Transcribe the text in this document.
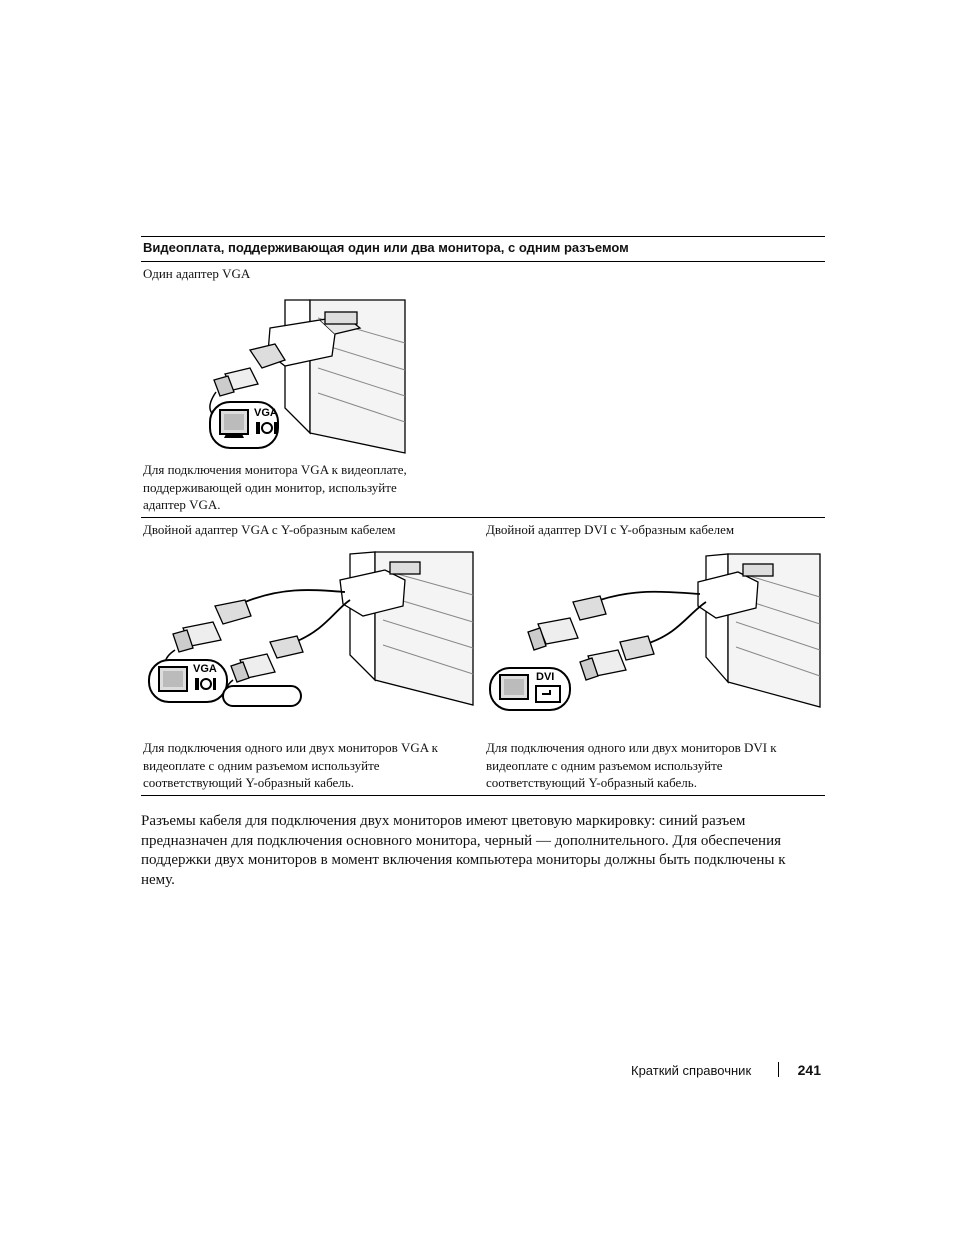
Видеоплата, поддерживающая один или два монитора, с одним разъемом
Один адаптер VGA
VGA
Для подключения монитора VGA к видеоплате, поддерживающей один монитор, используйте адаптер VGA.
Двойной адаптер VGA с Y-образным кабелем	Двойной адаптер DVI с Y-образным кабелем
VGA
DVI
Для подключения одного или двух мониторов VGA к видеоплате с одним разъемом используйте соответствующий Y-образный кабель.
Для подключения одного или двух мониторов DVI к видеоплате с одним разъемом используйте соответствующий Y-образный кабель.
Разъемы кабеля для подключения двух мониторов имеют цветовую маркировку: синий разъем предназначен для подключения основного монитора, черный — дополнительного. Для обеспечения поддержки двух мониторов в момент включения компьютера мониторы должны быть подключены к нему.
Краткий справочник	241
